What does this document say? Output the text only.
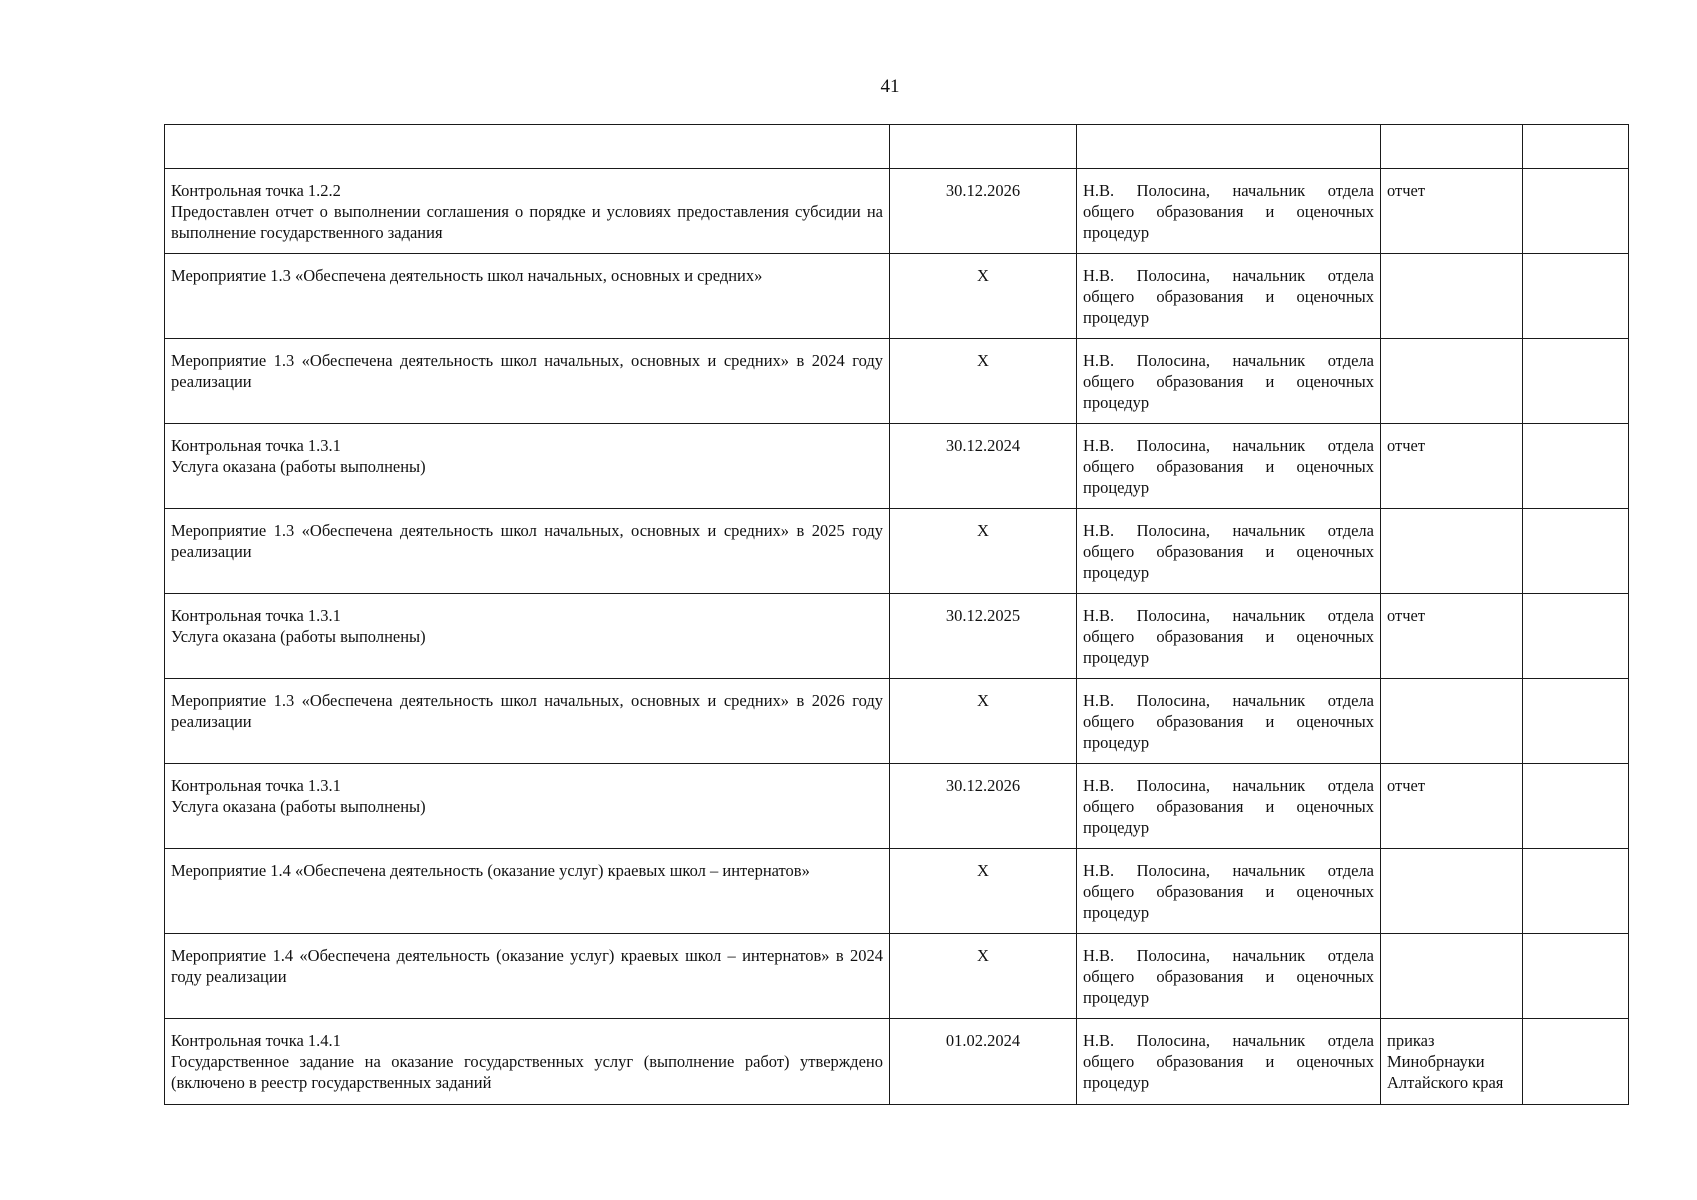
41

Контрольная точка 1.2.2
Предоставлен отчет о выполнении соглашения о порядке и условиях предоставления субсидии на выполнение государственного задания	30.12.2026	Н.В. Полосина, начальник отдела общего образования и оценочных процедур	отчет	

Мероприятие 1.3 «Обеспечена деятельность школ начальных, основных и средних»	X	Н.В. Полосина, начальник отдела общего образования и оценочных процедур		

Мероприятие 1.3 «Обеспечена деятельность школ начальных, основных и средних» в 2024 году реализации	X	Н.В. Полосина, начальник отдела общего образования и оценочных процедур		

Контрольная точка 1.3.1
Услуга оказана (работы выполнены)	30.12.2024	Н.В. Полосина, начальник отдела общего образования и оценочных процедур	отчет	

Мероприятие 1.3 «Обеспечена деятельность школ начальных, основных и средних» в 2025 году реализации	X	Н.В. Полосина, начальник отдела общего образования и оценочных процедур		

Контрольная точка 1.3.1
Услуга оказана (работы выполнены)	30.12.2025	Н.В. Полосина, начальник отдела общего образования и оценочных процедур	отчет	

Мероприятие 1.3 «Обеспечена деятельность школ начальных, основных и средних» в 2026 году реализации	X	Н.В. Полосина, начальник отдела общего образования и оценочных процедур		

Контрольная точка 1.3.1
Услуга оказана (работы выполнены)	30.12.2026	Н.В. Полосина, начальник отдела общего образования и оценочных процедур	отчет	

Мероприятие 1.4 «Обеспечена деятельность (оказание услуг) краевых школ – интернатов»	X	Н.В. Полосина, начальник отдела общего образования и оценочных процедур		

Мероприятие 1.4 «Обеспечена деятельность (оказание услуг) краевых школ – интернатов» в 2024 году реализации	X	Н.В. Полосина, начальник отдела общего образования и оценочных процедур		

Контрольная точка 1.4.1
Государственное задание на оказание государственных услуг (выполнение работ) утверждено (включено в реестр государственных заданий	01.02.2024	Н.В. Полосина, начальник отдела общего образования и оценочных процедур	приказ Минобрнауки Алтайского края	
